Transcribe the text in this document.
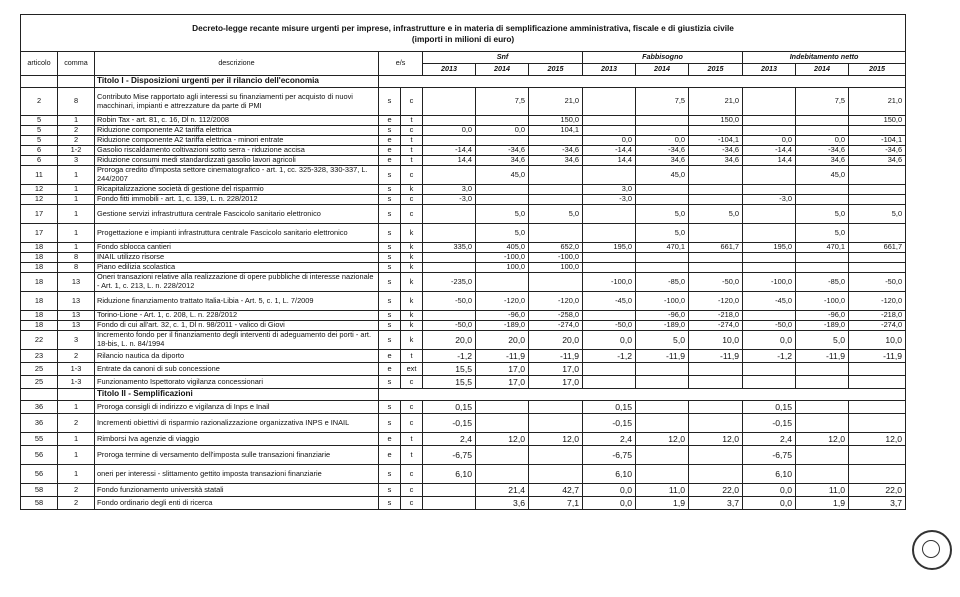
Decreto-legge recante misure urgenti per imprese, infrastrutture e in materia di semplificazione amministrativa, fiscale e di giustizia civile
(importi in milioni di euro)													

articolo	comma	descrizione	e/s		Snf			Fabbisogno			Indebitamento netto		
					2013	2014	2015	2013	2014	2015	2013	2014	2015
		Titolo I - Disposizioni urgenti per il rilancio dell'economia											
2	8	Contributo Mise rapportato agli interessi su finanziamenti per acquisto di nuovi macchinari, impianti e attrezzature da parte di PMI	s	c		7,5	21,0		7,5	21,0		7,5	21,0
5	1	Robin Tax - art. 81, c. 16, Dl n. 112/2008	e	t			150,0			150,0			150,0
5	2	Riduzione componente A2 tariffa elettrica	s	c	0,0	0,0	104,1						
5	2	Riduzione componente A2 tariffa elettrica - minori entrate	e	t				0,0	0,0	-104,1	0,0	0,0	-104,1
6	1-2	Gasolio riscaldamento coltivazioni sotto serra - riduzione accisa	e	t	-14,4	-34,6	-34,6	-14,4	-34,6	-34,6	-14,4	-34,6	-34,6
6	3	Riduzione consumi medi standardizzati gasolio lavori agricoli	e	t	14,4	34,6	34,6	14,4	34,6	34,6	14,4	34,6	34,6
11	1	Proroga credito d'imposta settore cinematografico - art. 1, cc. 325-328, 330-337, L. 244/2007	s	c		45,0			45,0			45,0	
12	1	Ricapitalizzazione società di gestione del risparmio	s	k	3,0			3,0					
12	1	Fondo fitti immobili - art. 1, c. 139, L. n. 228/2012	s	c	-3,0			-3,0			-3,0		
17	1	Gestione servizi infrastruttura centrale Fascicolo sanitario elettronico	s	c		5,0	5,0		5,0	5,0		5,0	5,0
17	1	Progettazione e impianti infrastruttura centrale Fascicolo sanitario elettronico	s	k		5,0			5,0			5,0	
18	1	Fondo sblocca cantieri	s	k	335,0	405,0	652,0	195,0	470,1	661,7	195,0	470,1	661,7
18	8	INAIL utilizzo risorse	s	k		-100,0	-100,0						
18	8	Piano edilizia scolastica	s	k		100,0	100,0						
18	13	Oneri transazioni relative alla realizzazione di opere pubbliche di interesse nazionale - Art. 1, c. 213, L. n. 228/2012	s	k	-235,0			-100,0	-85,0	-50,0	-100,0	-85,0	-50,0
18	13	Riduzione finanziamento trattato Italia-Libia - Art. 5, c. 1, L. 7/2009	s	k	-50,0	-120,0	-120,0	-45,0	-100,0	-120,0	-45,0	-100,0	-120,0
18	13	Torino-Lione - Art. 1, c. 208, L. n. 228/2012	s	k		-96,0	-258,0		-96,0	-218,0		-96,0	-218,0
18	13	Fondo di cui all'art. 32, c. 1, Dl n. 98/2011 - valico di Giovi	s	k	-50,0	-189,0	-274,0	-50,0	-189,0	-274,0	-50,0	-189,0	-274,0
22	3	Incremento fondo per il finanziamento degli interventi di adeguamento dei porti - art. 18-bis, L. n. 84/1994	s	k	20,0	20,0	20,0	0,0	5,0	10,0	0,0	5,0	10,0
23	2	Rilancio nautica da diporto	e	t	-1,2	-11,9	-11,9	-1,2	-11,9	-11,9	-1,2	-11,9	-11,9
25	1-3	Entrate da canoni di sub concessione	e	ext	15,5	17,0	17,0						
25	1-3	Funzionamento Ispettorato vigilanza concessionari	s	c	15,5	17,0	17,0						
		Titolo II - Semplificazioni											
36	1	Proroga consigli di indirizzo e vigilanza di Inps e Inail	s	c	0,15			0,15			0,15		
36	2	Incrementi obiettivi di risparmio razionalizzazione organizzativa INPS e INAIL	s	c	-0,15			-0,15			-0,15		
55	1	Rimborsi Iva agenzie di viaggio	e	t	2,4	12,0	12,0	2,4	12,0	12,0	2,4	12,0	12,0
56	1	Proroga termine di versamento dell'imposta sulle transazioni finanziarie	e	t	-6,75			-6,75			-6,75		
56	1	oneri per interessi - slittamento gettito imposta transazioni finanziarie	s	c	6,10			6,10			6,10		
58	2	Fondo funzionamento università statali	s	c		21,4	42,7	0,0	11,0	22,0	0,0	11,0	22,0
58	2	Fondo ordinario degli enti di ricerca	s	c		3,6	7,1	0,0	1,9	3,7	0,0	1,9	3,7
